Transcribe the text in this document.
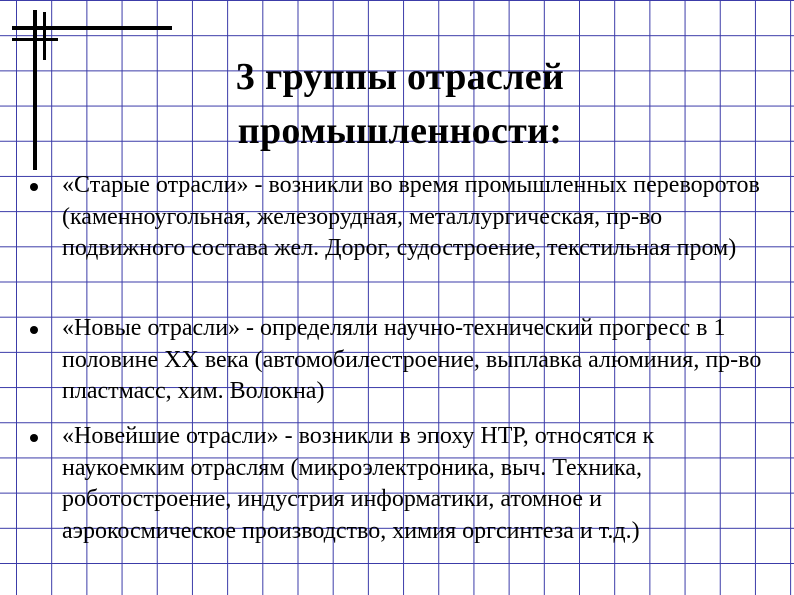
3 группы отраслей
промышленности:
«Старые отрасли» - возникли во время промышленных переворотов (каменноугольная, железорудная, металлургическая, пр-во подвижного состава жел. Дорог, судостроение, текстильная пром)
«Новые отрасли» - определяли научно-технический прогресс в 1 половине XX века (автомобилестроение, выплавка алюминия, пр-во пластмасс, хим. Волокна)
«Новейшие отрасли» - возникли в эпоху НТР, относятся к наукоемким отраслям (микроэлектроника, выч. Техника, роботостроение, индустрия информатики, атомное и аэрокосмическое производство, химия оргсинтеза и т.д.)
